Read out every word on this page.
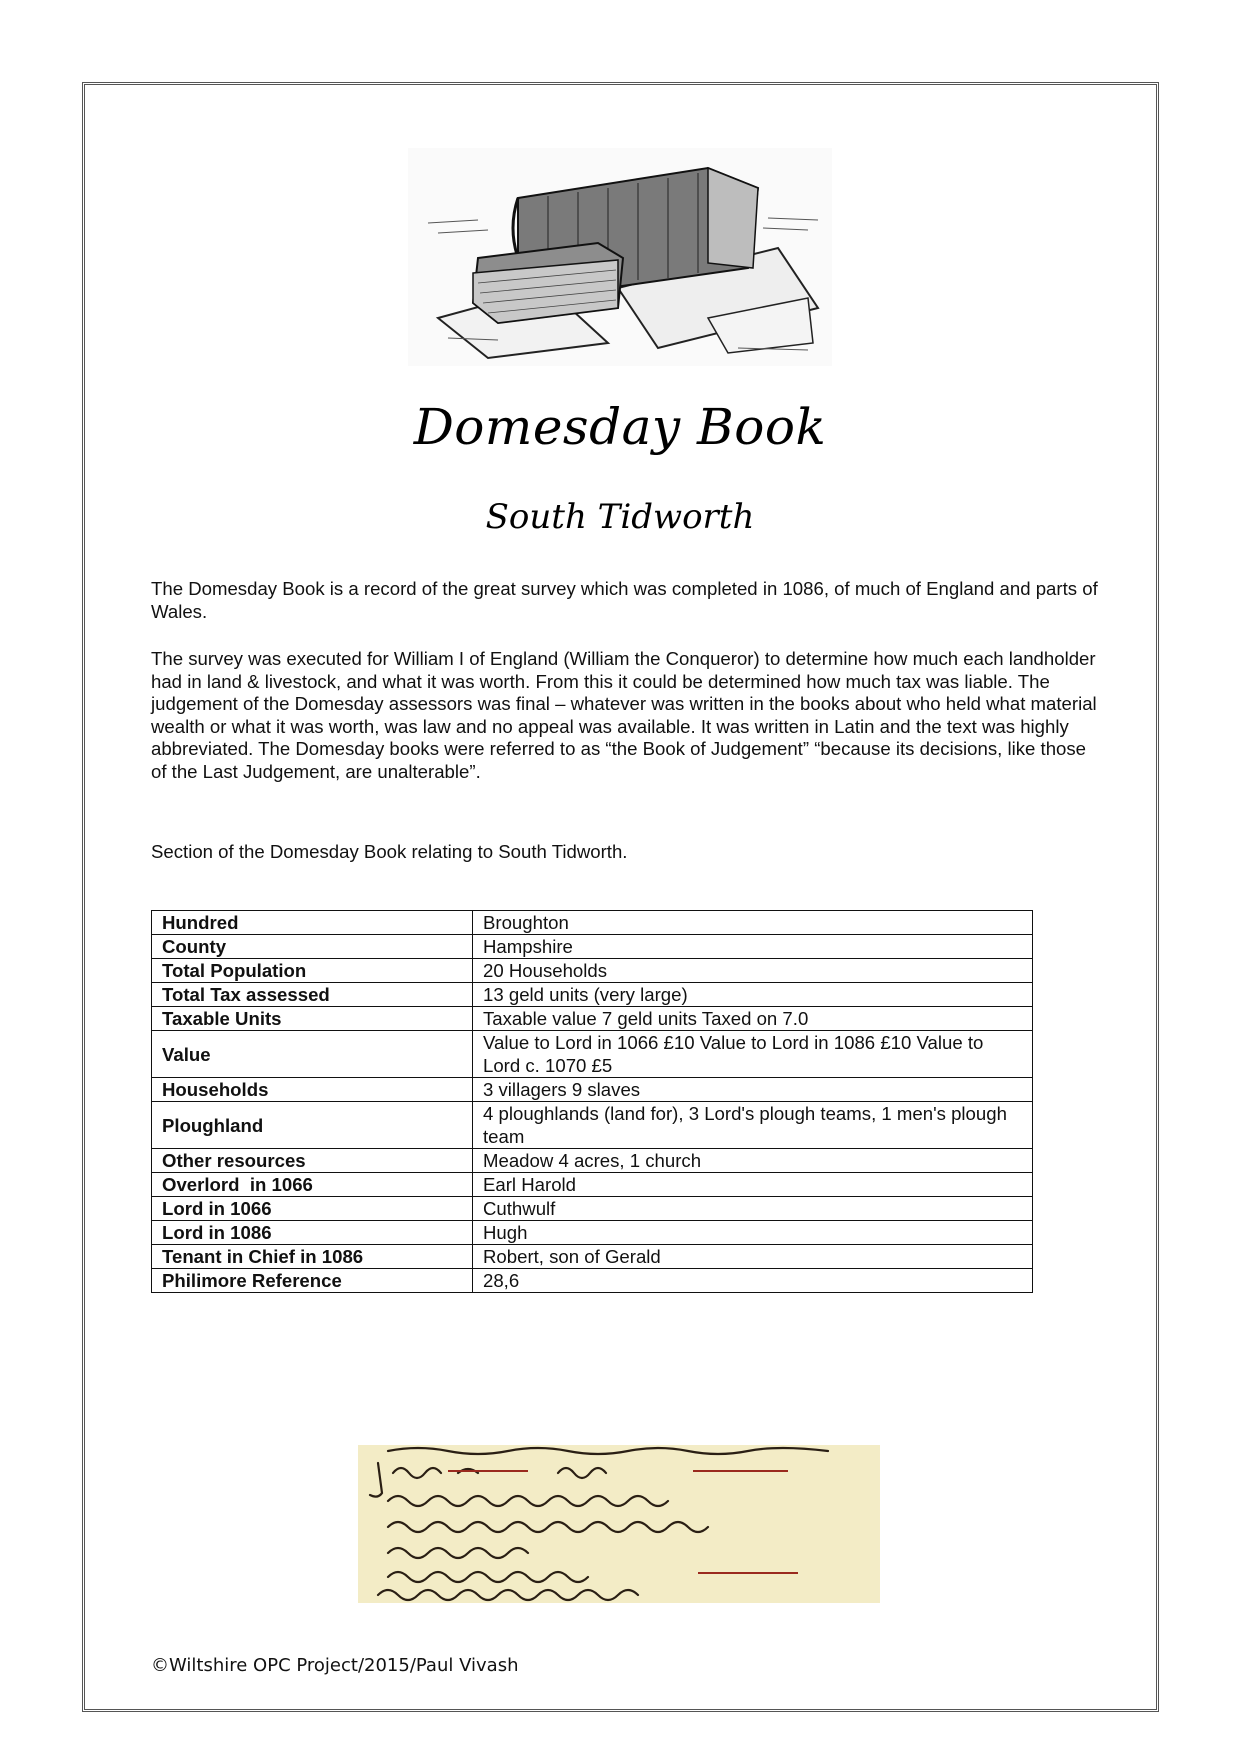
Domesday Book
South Tidworth
The Domesday Book is a record of the great survey which was completed in 1086, of much of England and parts of Wales.
The survey was executed for William I of England (William the Conqueror) to determine how much each landholder had in land & livestock, and what it was worth. From this it could be determined how much tax was liable. The judgement of the Domesday assessors was final – whatever was written in the books about who held what material wealth or what it was worth, was law and no appeal was available. It was written in Latin and the text was highly abbreviated. The Domesday books were referred to as “the Book of Judgement” “because its decisions, like those of the Last Judgement, are unalterable”.
Section of the Domesday Book relating to South Tidworth.
Hundred	Broughton
County	Hampshire
Total Population	20 Households
Total Tax assessed	13 geld units (very large)
Taxable Units	Taxable value 7 geld units Taxed on 7.0
Value	Value to Lord in 1066 £10 Value to Lord in 1086 £10 Value to Lord c. 1070 £5
Households	3 villagers 9 slaves
Ploughland	4 ploughlands (land for), 3 Lord's plough teams, 1 men's plough team
Other resources	Meadow 4 acres, 1 church
Overlord  in 1066	Earl Harold
Lord in 1066	Cuthwulf
Lord in 1086	Hugh
Tenant in Chief in 1086	Robert, son of Gerald
Philimore Reference	28,6
©Wiltshire OPC Project/2015/Paul Vivash
